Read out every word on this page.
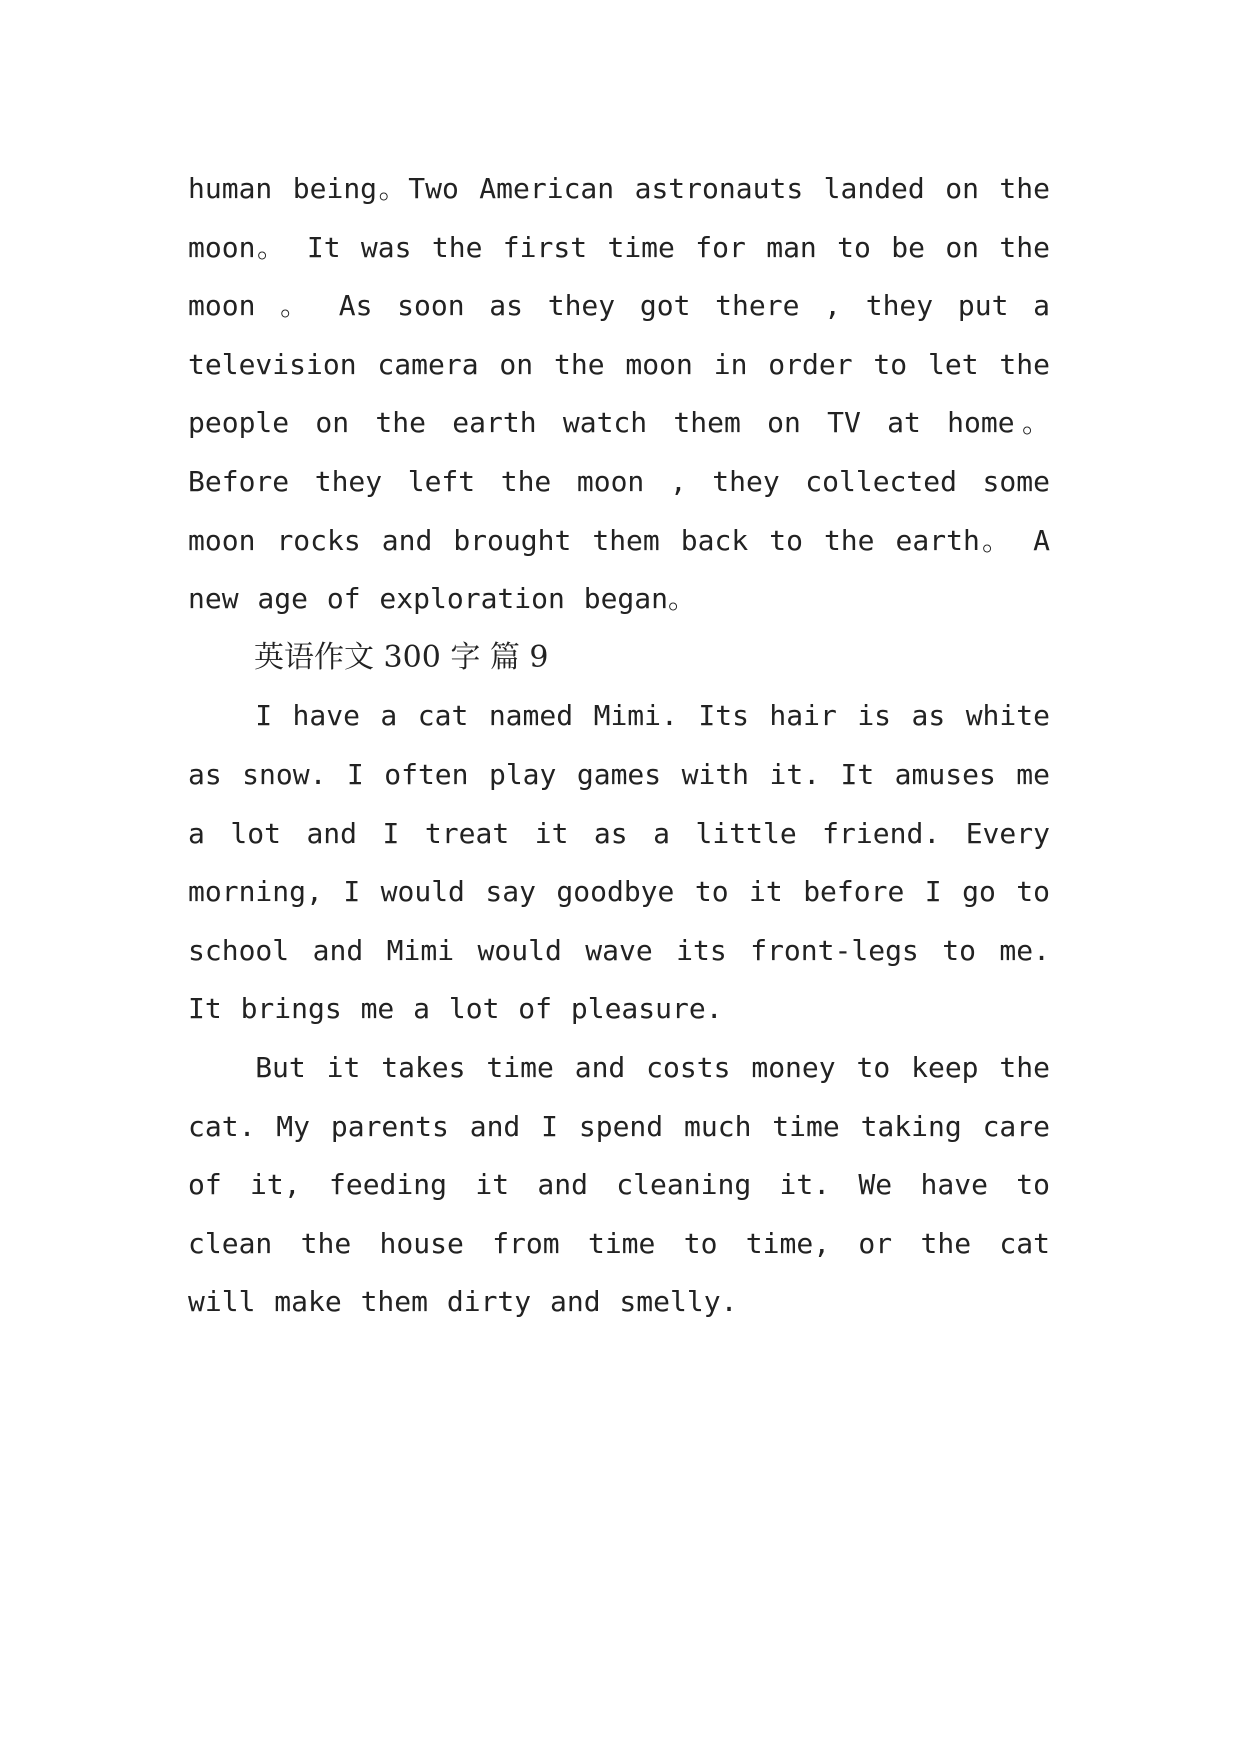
human being。Two American astronauts landed on the moon。 It was the first time for man to be on the moon 。 As soon as they got there , they put a television camera on the moon in order to let the people on the earth watch them on TV at home。 Before they left the moon , they collected some moon rocks and brought them back to the earth。 A new age of exploration began。

英语作文 300 字 篇 9

I have a cat named Mimi. Its hair is as white as snow. I often play games with it. It amuses me a lot and I treat it as a little friend. Every morning, I would say goodbye to it before I go to school and Mimi would wave its front-legs to me. It brings me a lot of pleasure.

But it takes time and costs money to keep the cat. My parents and I spend much time taking care of it, feeding it and cleaning it. We have to clean the house from time to time, or the cat will make them dirty and smelly.
